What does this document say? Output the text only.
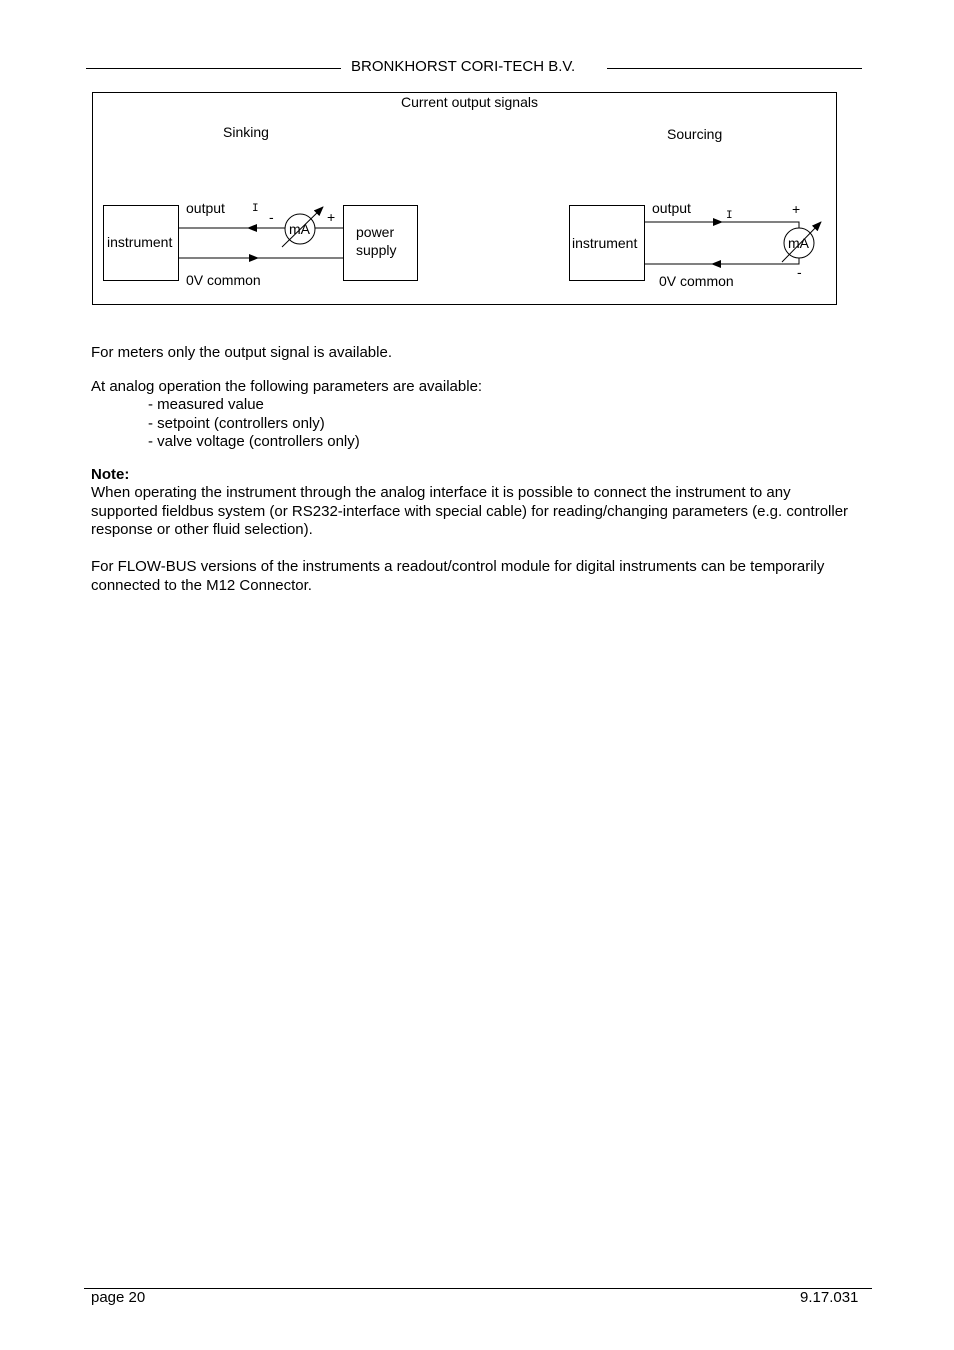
BRONKHORST CORI-TECH B.V.
Current output signals
Sinking
instrument
power
supply
output I -	+
mA
0V common
Sourcing
instrument
output	I	+
-
mA
0V common

For meters only the output signal is available.

At analog operation the following parameters are available:

- measured value
- setpoint (controllers only)
- valve voltage (controllers only)

Note:

When operating the instrument through the analog interface it is possible to connect the instrument to any supported fieldbus system (or RS232-interface with special cable) for reading/changing parameters (e.g. controller response or other fluid selection).

For FLOW-BUS versions of the instruments a readout/control module for digital instruments can be temporarily connected to the M12 Connector.

page 20	9.17.031
